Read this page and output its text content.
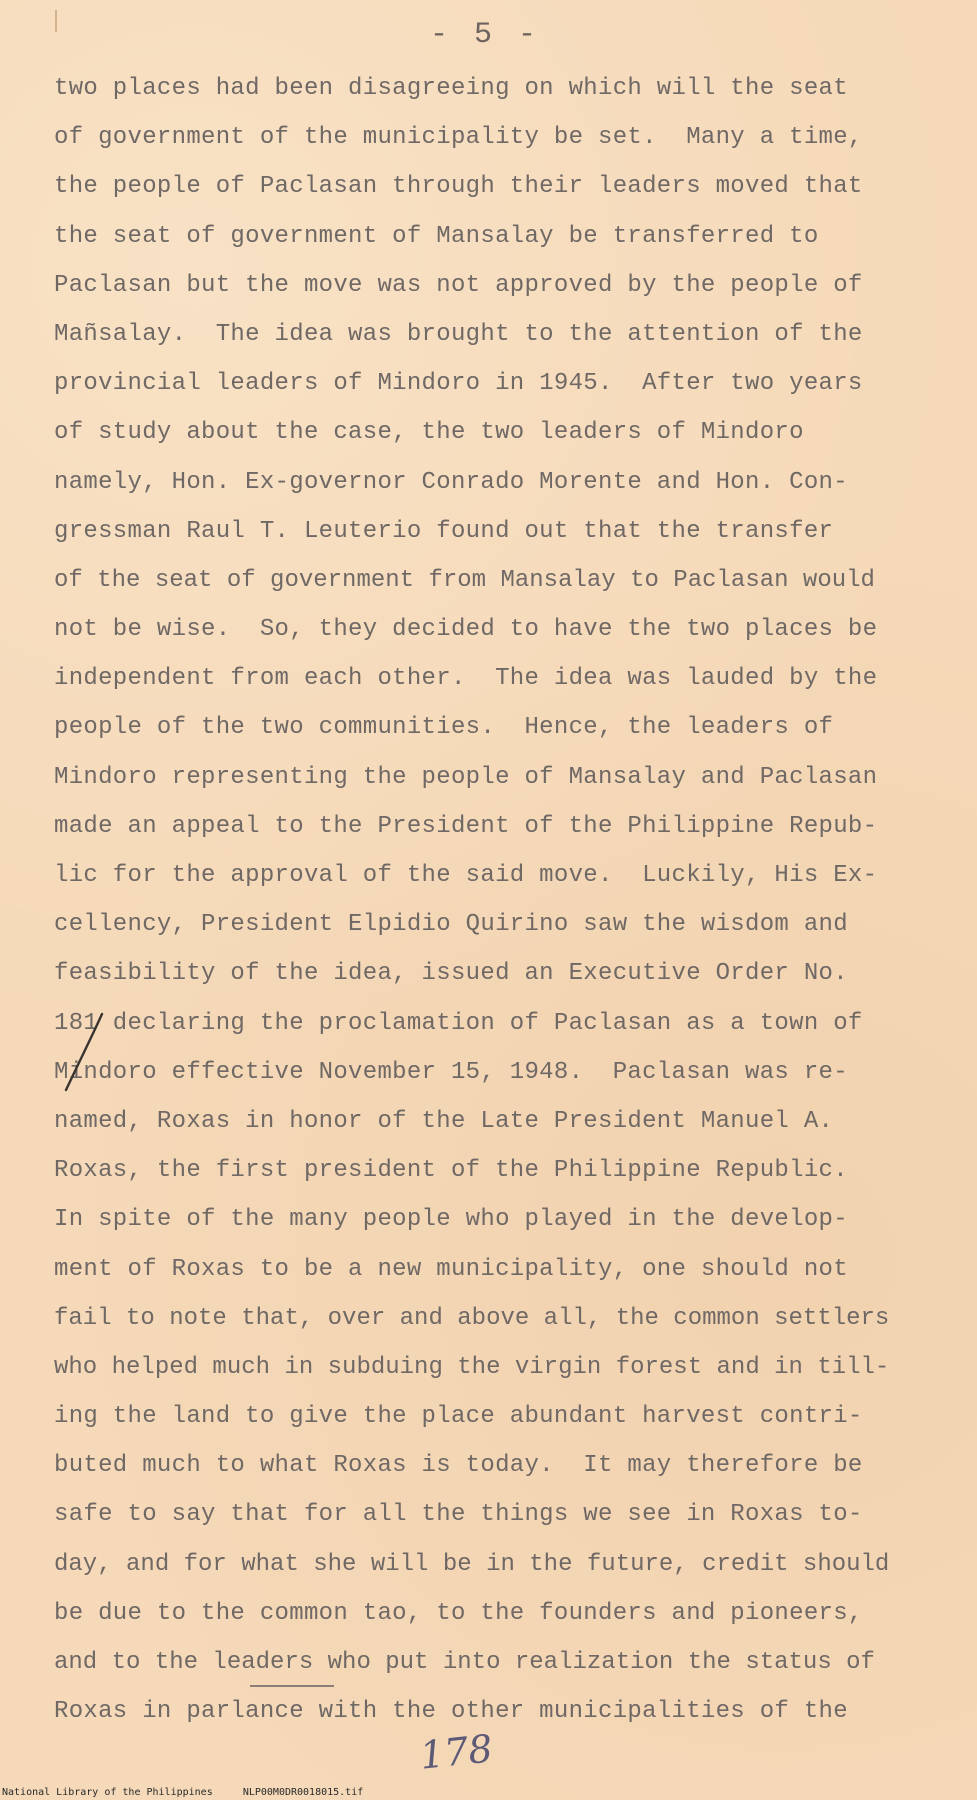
- 5 -
two places had been disagreeing on which will the seat
of government of the municipality be set.  Many a time,
the people of Paclasan through their leaders moved that
the seat of government of Mansalay be transferred to
Paclasan but the move was not approved by the people of
Mañsalay.  The idea was brought to the attention of the
provincial leaders of Mindoro in 1945.  After two years
of study about the case, the two leaders of Mindoro
namely, Hon. Ex-governor Conrado Morente and Hon. Con-
gressman Raul T. Leuterio found out that the transfer
of the seat of government from Mansalay to Paclasan would
not be wise.  So, they decided to have the two places be
independent from each other.  The idea was lauded by the
people of the two communities.  Hence, the leaders of
Mindoro representing the people of Mansalay and Paclasan
made an appeal to the President of the Philippine Repub-
lic for the approval of the said move.  Luckily, His Ex-
cellency, President Elpidio Quirino saw the wisdom and
feasibility of the idea, issued an Executive Order No.
181 declaring the proclamation of Paclasan as a town of
Mindoro effective November 15, 1948.  Paclasan was re-
named, Roxas in honor of the Late President Manuel A.
Roxas, the first president of the Philippine Republic.
In spite of the many people who played in the develop-
ment of Roxas to be a new municipality, one should not
fail to note that, over and above all, the common settlers
who helped much in subduing the virgin forest and in till-
ing the land to give the place abundant harvest contri-
buted much to what Roxas is today.  It may therefore be
safe to say that for all the things we see in Roxas to-
day, and for what she will be in the future, credit should
be due to the common tao, to the founders and pioneers,
and to the leaders who put into realization the status of
Roxas in parlance with the other municipalities of the
178
National Library of the Philippines     NLP00M0DR0018015.tif
